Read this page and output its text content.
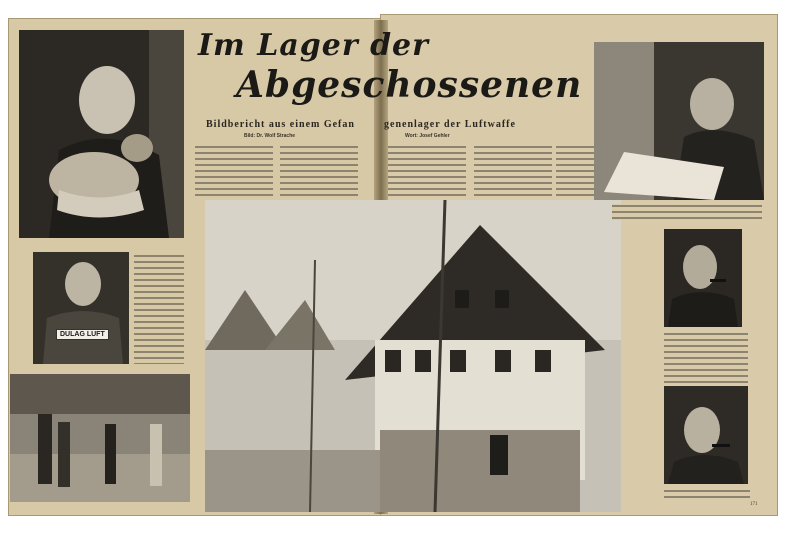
Im Lager der
Abgeschossenen
Bildbericht aus einem Gefan	genenlager der Luftwaffe
Bild: Dr. Wolf Strache	Wort: Josef Gehler
DULAG LUFT
171
